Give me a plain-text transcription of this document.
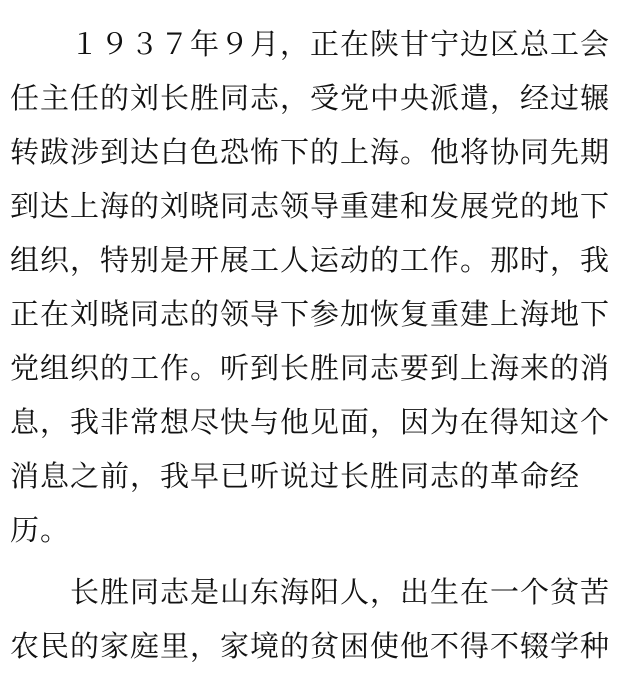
１９３７年９月，正在陕甘宁边区总工会
任主任的刘长胜同志，受党中央派遣，经过辗
转跋涉到达白色恐怖下的上海。他将协同先期
到达上海的刘晓同志领导重建和发展党的地下
组织，特别是开展工人运动的工作。那时，我
正在刘晓同志的领导下参加恢复重建上海地下
党组织的工作。听到长胜同志要到上海来的消
息，我非常想尽快与他见面，因为在得知这个
消息之前，我早已听说过长胜同志的革命经
历。
长胜同志是山东海阳人，出生在一个贫苦
农民的家庭里，家境的贫困使他不得不辍学种
